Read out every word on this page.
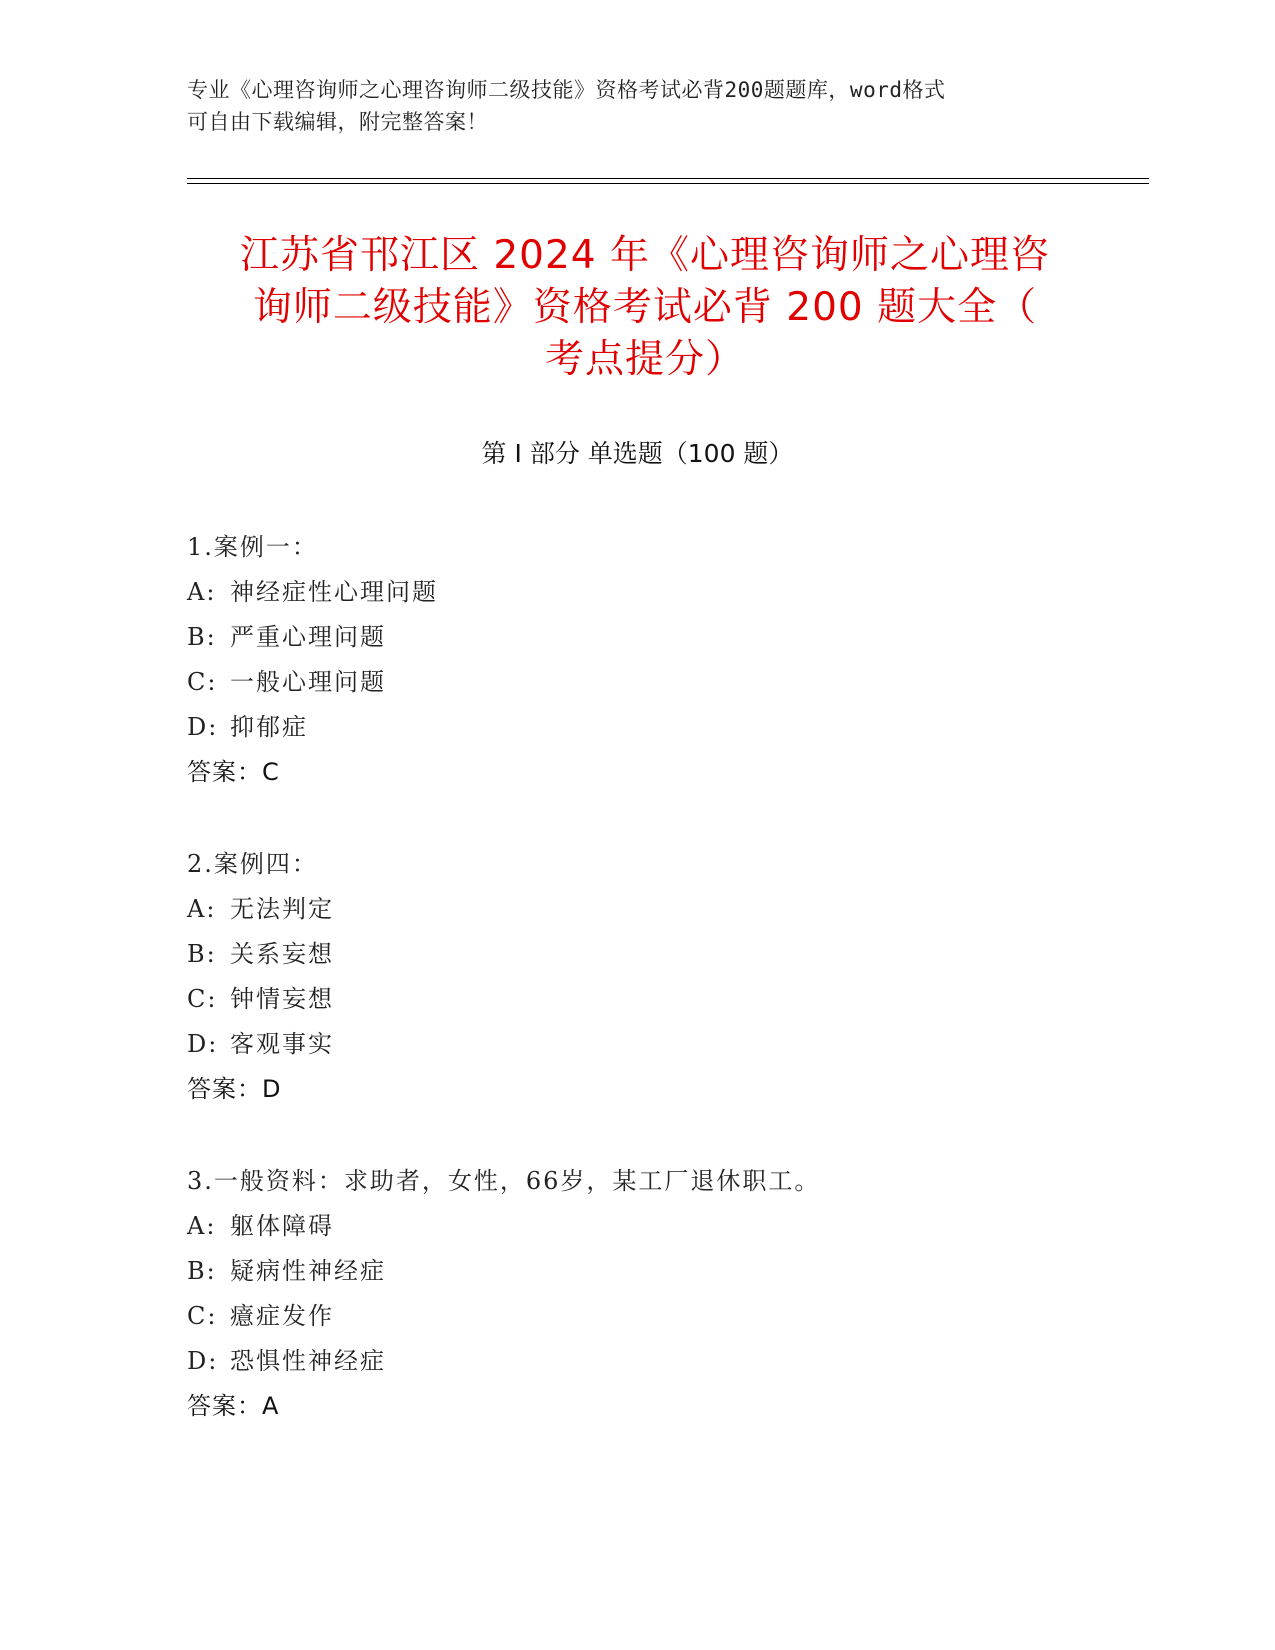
专业《心理咨询师之心理咨询师二级技能》资格考试必背200题题库，word格式
可自由下载编辑，附完整答案！
江苏省邗江区 2024 年《心理咨询师之心理咨
询师二级技能》资格考试必背 200 题大全（
考点提分）
第 I 部分 单选题（100 题）
1.案例一：
A: 神经症性心理问题
B: 严重心理问题
C: 一般心理问题
D: 抑郁症
答案：C
2.案例四：
A: 无法判定
B: 关系妄想
C: 钟情妄想
D: 客观事实
答案：D
3.一般资料：求助者，女性，66岁，某工厂退休职工。
A: 躯体障碍
B: 疑病性神经症
C: 癔症发作
D: 恐惧性神经症
答案：A
